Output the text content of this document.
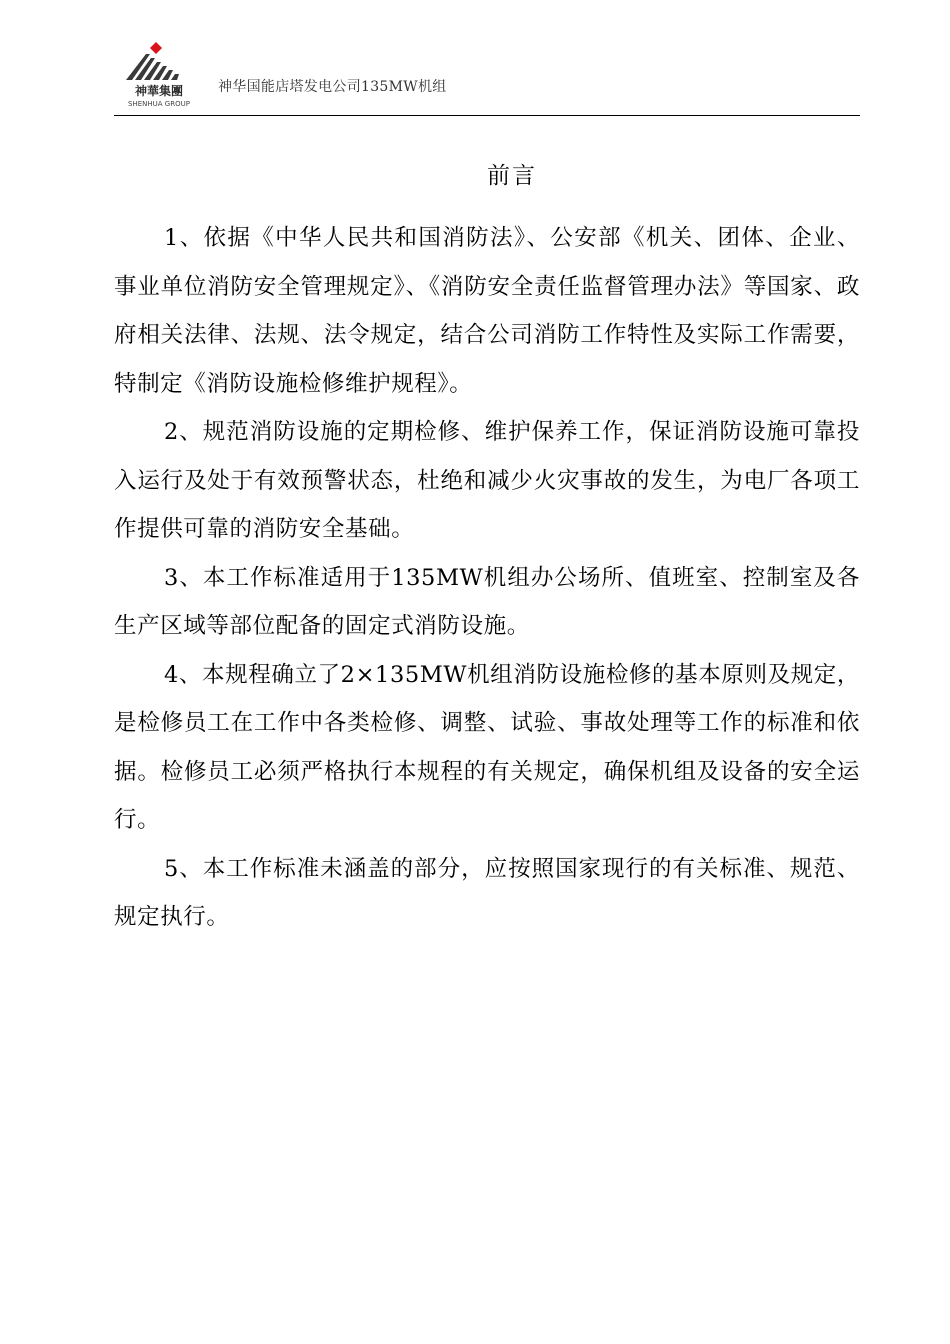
神華集團
SHENHUA GROUP
神华国能店塔发电公司135MW机组
前言

1、依据《中华人民共和国消防法》、公安部《机关、团体、企业、事业单位消防安全管理规定》、《消防安全责任监督管理办法》等国家、政府相关法律、法规、法令规定，结合公司消防工作特性及实际工作需要，特制定《消防设施检修维护规程》。

2、规范消防设施的定期检修、维护保养工作，保证消防设施可靠投入运行及处于有效预警状态，杜绝和减少火灾事故的发生，为电厂各项工作提供可靠的消防安全基础。

3、本工作标准适用于135MW机组办公场所、值班室、控制室及各生产区域等部位配备的固定式消防设施。

4、本规程确立了2×135MW机组消防设施检修的基本原则及规定，是检修员工在工作中各类检修、调整、试验、事故处理等工作的标准和依据。检修员工必须严格执行本规程的有关规定，确保机组及设备的安全运行。

5、本工作标准未涵盖的部分，应按照国家现行的有关标准、规范、规定执行。
